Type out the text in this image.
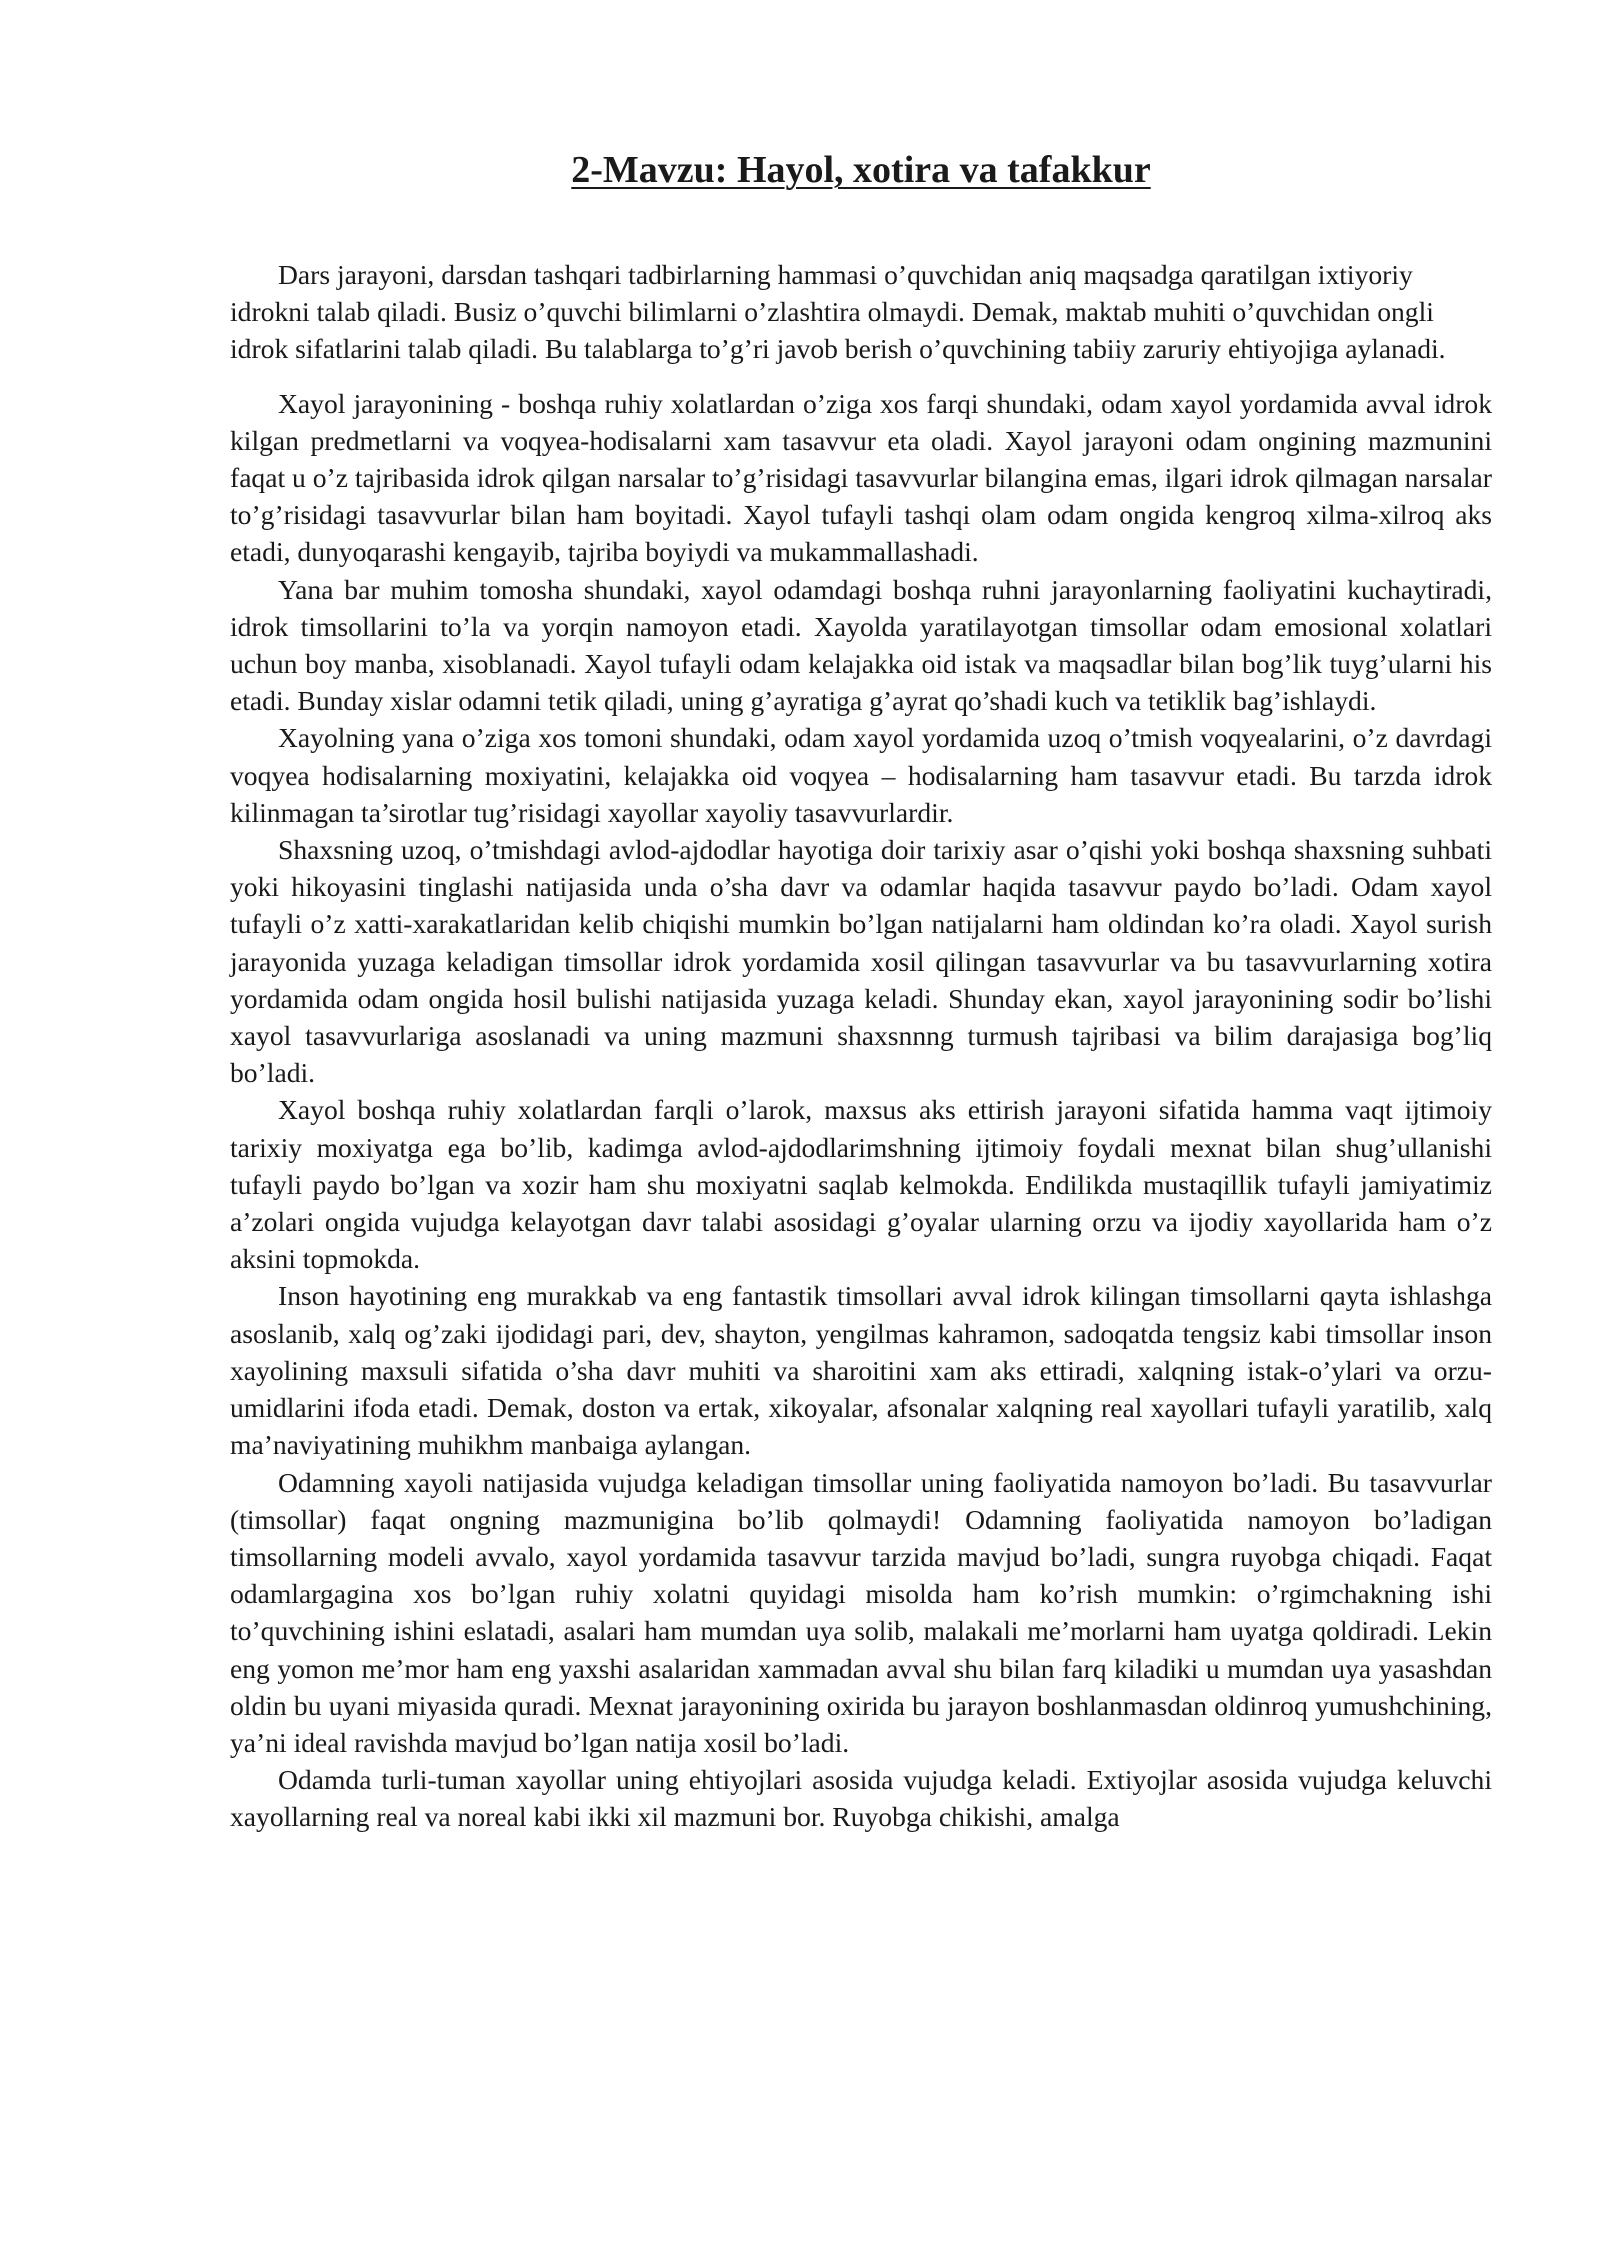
2-Mavzu: Hayol, xotira va tafakkur

Dars jarayoni, darsdan tashqari tadbirlarning hammasi o’quvchidan aniq maqsadga qaratilgan ixtiyoriy idrokni talab qiladi. Busiz o’quvchi bilimlarni o’zlashtira olmaydi. Demak, maktab muhiti o’quvchidan ongli idrok sifatlarini talab qiladi. Bu talablarga to’g’ri javob berish o’quvchining tabiiy zaruriy ehtiyojiga aylanadi.

Xayol jarayonining - boshqa ruhiy xolatlardan o’ziga xos farqi shundaki, odam xayol yordamida avval idrok kilgan predmetlarni va voqyea-hodisalarni xam tasavvur eta oladi. Xayol jarayoni odam ongining mazmunini faqat u o’z tajribasida idrok qilgan narsalar to’g’risidagi tasavvurlar bilangina emas, ilgari idrok qilmagan narsalar to’g’risidagi tasavvurlar bilan ham boyitadi. Xayol tufayli tashqi olam odam ongida kengroq xilma-xilroq aks etadi, dunyoqarashi kengayib, tajriba boyiydi va mukammallashadi.

Yana bar muhim tomosha shundaki, xayol odamdagi boshqa ruhni jarayonlarning faoliyatini kuchaytiradi, idrok timsollarini to’la va yorqin namoyon etadi. Xayolda yaratilayotgan timsollar odam emosional xolatlari uchun boy manba, xisoblanadi. Xayol tufayli odam kelajakka oid istak va maqsadlar bilan bog’lik tuyg’ularni his etadi. Bunday xislar odamni tetik qiladi, uning g’ayratiga g’ayrat qo’shadi kuch va tetiklik bag’ishlaydi.

Xayolning yana o’ziga xos tomoni shundaki, odam xayol yordamida uzoq o’tmish voqyealarini, o’z davrdagi voqyea hodisalarning moxiyatini, kelajakka oid voqyea – hodisalarning ham tasavvur etadi. Bu tarzda idrok kilinmagan ta’sirotlar tug’risidagi xayollar xayoliy tasavvurlardir.

Shaxsning uzoq, o’tmishdagi avlod-ajdodlar hayotiga doir tarixiy asar o’qishi yoki boshqa shaxsning suhbati yoki hikoyasini tinglashi natijasida unda o’sha davr va odamlar haqida tasavvur paydo bo’ladi. Odam xayol tufayli o’z xatti-xarakatlaridan kelib chiqishi mumkin bo’lgan natijalarni ham oldindan ko’ra oladi. Xayol surish jarayonida yuzaga keladigan timsollar idrok yordamida xosil qilingan tasavvurlar va bu tasavvurlarning xotira yordamida odam ongida hosil bulishi natijasida yuzaga keladi. Shunday ekan, xayol jarayonining sodir bo’lishi xayol tasavvurlariga asoslanadi va uning mazmuni shaxsnnng turmush tajribasi va bilim darajasiga bog’liq bo’ladi.

Xayol boshqa ruhiy xolatlardan farqli o’larok, maxsus aks ettirish jarayoni sifatida hamma vaqt ijtimoiy tarixiy moxiyatga ega bo’lib, kadimga avlod-ajdodlarimshning ijtimoiy foydali mexnat bilan shug’ullanishi tufayli paydo bo’lgan va xozir ham shu moxiyatni saqlab kelmokda. Endilikda mustaqillik tufayli jamiyatimiz a’zolari ongida vujudga kelayotgan davr talabi asosidagi g’oyalar ularning orzu va ijodiy xayollarida ham o’z aksini topmokda.

Inson hayotining eng murakkab va eng fantastik timsollari avval idrok kilingan timsollarni qayta ishlashga asoslanib, xalq og’zaki ijodidagi pari, dev, shayton, yengilmas kahramon, sadoqatda tengsiz kabi timsollar inson xayolining maxsuli sifatida o’sha davr muhiti va sharoitini xam aks ettiradi, xalqning istak-o’ylari va orzu-umidlarini ifoda etadi. Demak, doston va ertak, xikoyalar, afsonalar xalqning real xayollari tufayli yaratilib, xalq ma’naviyatining muhikhm manbaiga aylangan.

Odamning xayoli natijasida vujudga keladigan timsollar uning faoliyatida namoyon bo’ladi. Bu tasavvurlar (timsollar) faqat ongning mazmunigina bo’lib qolmaydi! Odamning faoliyatida namoyon bo’ladigan timsollarning modeli avvalo, xayol yordamida tasavvur tarzida mavjud bo’ladi, sungra ruyobga chiqadi. Faqat odamlargagina xos bo’lgan ruhiy xolatni quyidagi misolda ham ko’rish mumkin: o’rgimchakning ishi to’quvchining ishini eslatadi, asalari ham mumdan uya solib, malakali me’morlarni ham uyatga qoldiradi. Lekin eng yomon me’mor ham eng yaxshi asalaridan xammadan avval shu bilan farq kiladiki u mumdan uya yasashdan oldin bu uyani miyasida quradi. Mexnat jarayonining oxirida bu jarayon boshlanmasdan oldinroq yumushchining, ya’ni ideal ravishda mavjud bo’lgan natija xosil bo’ladi.

Odamda turli-tuman xayollar uning ehtiyojlari asosida vujudga keladi. Extiyojlar asosida vujudga keluvchi xayollarning real va noreal kabi ikki xil mazmuni bor. Ruyobga chikishi, amalga
